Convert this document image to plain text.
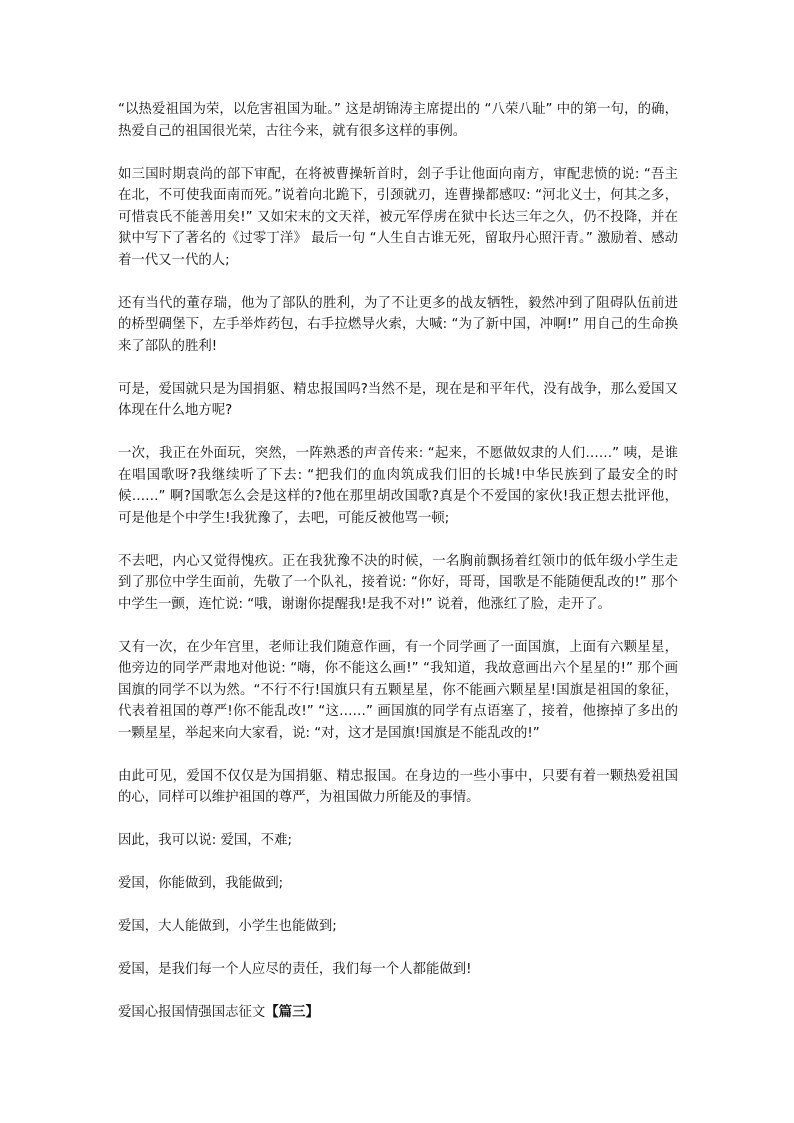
“以热爱祖国为荣，以危害祖国为耻。” 这是胡锦涛主席提出的 “八荣八耻” 中的第一句，的确，热爱自己的祖国很光荣，古往今来，就有很多这样的事例。

如三国时期袁尚的部下审配，在将被曹操斩首时，刽子手让他面向南方，审配悲愤的说: “吾主在北，不可使我面南而死。”说着向北跪下，引颈就刃，连曹操都感叹: “河北义士，何其之多，可惜袁氏不能善用矣!” 又如宋末的文天祥，被元军俘虏在狱中长达三年之久，仍不投降，并在狱中写下了著名的《过零丁洋》 最后一句 “人生自古谁无死，留取丹心照汗青。” 激励着、感动着一代又一代的人;

还有当代的董存瑞，他为了部队的胜利，为了不让更多的战友牺牲，毅然冲到了阻碍队伍前进的桥型碉堡下，左手举炸药包，右手拉燃导火索，大喊: “为了新中国，冲啊!” 用自己的生命换来了部队的胜利!

可是，爱国就只是为国捐躯、精忠报国吗?当然不是，现在是和平年代，没有战争，那么爱国又体现在什么地方呢?

一次，我正在外面玩，突然，一阵熟悉的声音传来: “起来，不愿做奴隶的人们……” 咦，是谁在唱国歌呀?我继续听了下去: “把我们的血肉筑成我们旧的长城!中华民族到了最安全的时候……” 啊?国歌怎么会是这样的?他在那里胡改国歌?真是个不爱国的家伙!我正想去批评他，可是他是个中学生!我犹豫了，去吧，可能反被他骂一顿;

不去吧，内心又觉得愧疚。正在我犹豫不决的时候，一名胸前飘扬着红领巾的低年级小学生走到了那位中学生面前，先敬了一个队礼，接着说: “你好，哥哥，国歌是不能随便乱改的!” 那个中学生一颤，连忙说: “哦，谢谢你提醒我!是我不对!” 说着，他涨红了脸，走开了。

又有一次，在少年宫里，老师让我们随意作画，有一个同学画了一面国旗，上面有六颗星星，他旁边的同学严肃地对他说: “嗨，你不能这么画!” “我知道，我故意画出六个星星的!” 那个画国旗的同学不以为然。“不行不行!国旗只有五颗星星，你不能画六颗星星!国旗是祖国的象征，代表着祖国的尊严!你不能乱改!” “这……” 画国旗的同学有点语塞了，接着，他擦掉了多出的一颗星星，举起来向大家看，说: “对，这才是国旗!国旗是不能乱改的!”

由此可见，爱国不仅仅是为国捐躯、精忠报国。在身边的一些小事中，只要有着一颗热爱祖国的心，同样可以维护祖国的尊严，为祖国做力所能及的事情。

因此，我可以说: 爱国，不难;

爱国，你能做到，我能做到;

爱国，大人能做到，小学生也能做到;

爱国，是我们每一个人应尽的责任，我们每一个人都能做到!

爱国心报国情强国志征文【篇三】
